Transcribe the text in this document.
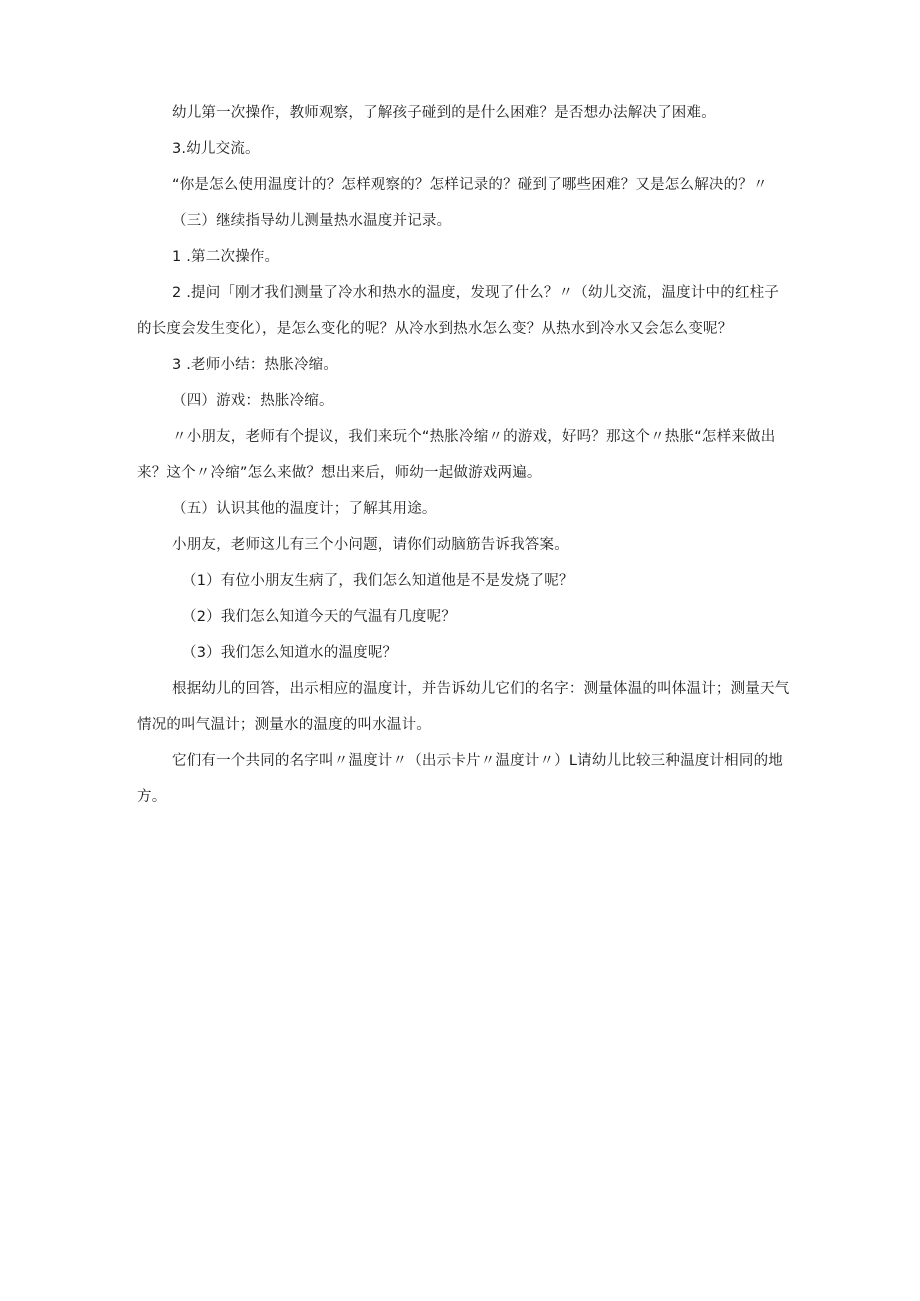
幼儿第一次操作，教师观察，了解孩子碰到的是什么困难？是否想办法解决了困难。
3.幼儿交流。
“你是怎么使用温度计的？怎样观察的？怎样记录的？碰到了哪些困难？又是怎么解决的？〃
（三）继续指导幼儿测量热水温度并记录。
1 .第二次操作。
2 .提问「刚才我们测量了冷水和热水的温度，发现了什么？〃（幼儿交流，温度计中的红柱子
的长度会发生变化），是怎么变化的呢？从冷水到热水怎么变？从热水到冷水又会怎么变呢？
3 .老师小结：热胀冷缩。
（四）游戏：热胀冷缩。
〃小朋友，老师有个提议，我们来玩个“热胀冷缩〃的游戏，好吗？那这个〃热胀“怎样来做出
来？这个〃冷缩”怎么来做？想出来后，师幼一起做游戏两遍。
（五）认识其他的温度计；了解其用途。
小朋友，老师这儿有三个小问题，请你们动脑筋告诉我答案。
（1）有位小朋友生病了，我们怎么知道他是不是发烧了呢？
（2）我们怎么知道今天的气温有几度呢？
（3）我们怎么知道水的温度呢？
根据幼儿的回答，出示相应的温度计，并告诉幼儿它们的名字：测量体温的叫体温计；测量天气
情况的叫气温计；测量水的温度的叫水温计。
它们有一个共同的名字叫〃温度计〃（出示卡片〃温度计〃）L请幼儿比较三种温度计相同的地
方。
